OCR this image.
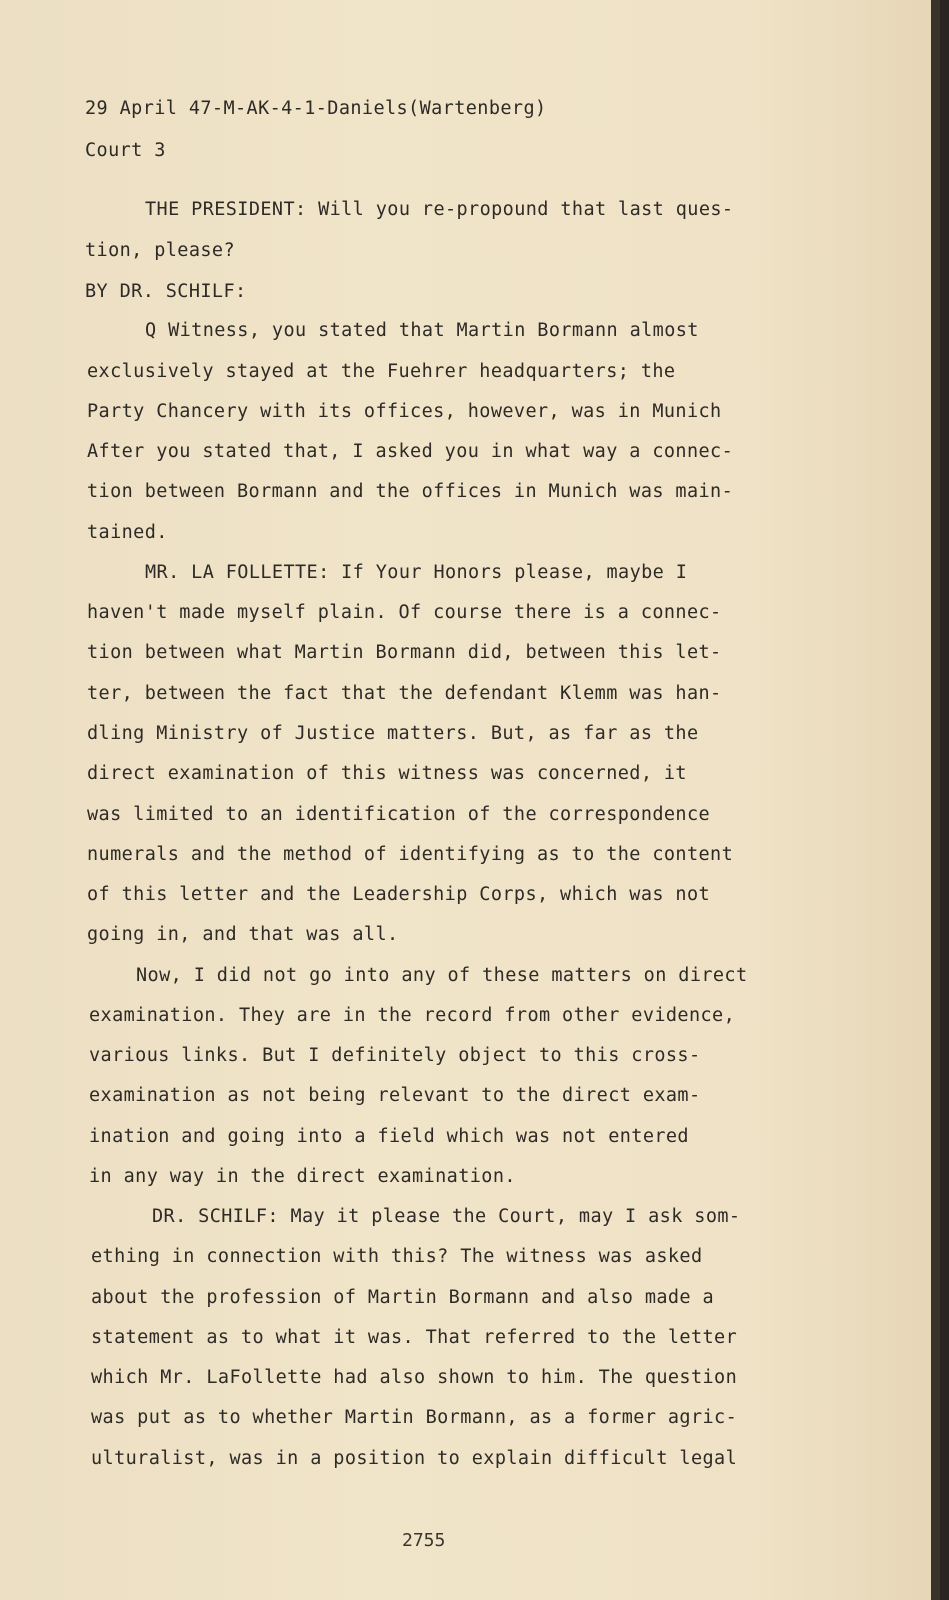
29 April 47-M-AK-4-1-Daniels(Wartenberg)
Court 3
THE PRESIDENT: Will you re-propound that last ques-
tion, please?
BY DR. SCHILF:
Q Witness, you stated that Martin Bormann almost
exclusively stayed at the Fuehrer headquarters; the
Party Chancery with its offices, however, was in Munich
After you stated that, I asked you in what way a connec-
tion between Bormann and the offices in Munich was main-
tained.
MR. LA FOLLETTE: If Your Honors please, maybe I
haven't made myself plain. Of course there is a connec-
tion between what Martin Bormann did, between this let-
ter, between the fact that the defendant Klemm was han-
dling Ministry of Justice matters. But, as far as the
direct examination of this witness was concerned, it
was limited to an identification of the correspondence
numerals and the method of identifying as to the content
of this letter and the Leadership Corps, which was not
going in, and that was all.
Now, I did not go into any of these matters on direct
examination. They are in the record from other evidence,
various links. But I definitely object to this cross-
examination as not being relevant to the direct exam-
ination and going into a field which was not entered
in any way in the direct examination.
DR. SCHILF: May it please the Court, may I ask som-
ething in connection with this? The witness was asked
about the profession of Martin Bormann and also made a
statement as to what it was. That referred to the letter
which Mr. LaFollette had also shown to him. The question
was put as to whether Martin Bormann, as a former agric-
ulturalist, was in a position to explain difficult legal
2755
